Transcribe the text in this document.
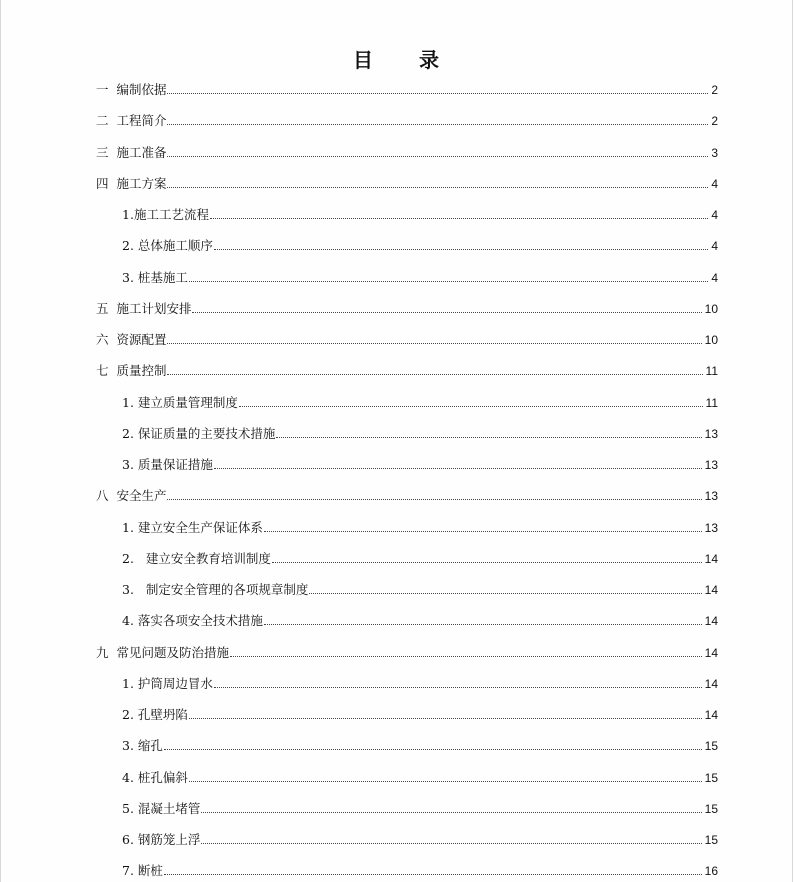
目 录
一 编制依据	2
二 工程简介	2
三 施工准备	3
四 施工方案	4
1. 施工工艺流程	4
2. 总体施工顺序	4
3. 桩基施工	4
五 施工计划安排	10
六 资源配置	10
七 质量控制	11
1. 建立质量管理制度	11
2. 保证质量的主要技术措施	13
3. 质量保证措施	13
八 安全生产	13
1. 建立安全生产保证体系	13
2. 建立安全教育培训制度	14
3. 制定安全管理的各项规章制度	14
4. 落实各项安全技术措施	14
九 常见问题及防治措施	14
1. 护筒周边冒水	14
2. 孔壁坍陷	14
3. 缩孔	15
4. 桩孔偏斜	15
5. 混凝土堵管	15
6. 钢筋笼上浮	15
7. 断桩	16
